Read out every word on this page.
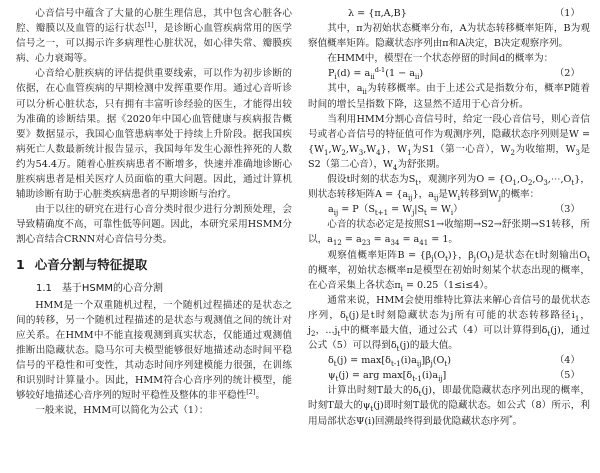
心音信号中蕴含了大量的心脏生理信息，其中包含心脏各心腔、瓣膜以及血管的运行状态[1]，是诊断心血管疾病常用的医学信号之一，可以揭示许多病理性心脏状况，如心律失常、瓣膜疾病、心力衰竭等。

心音给心脏疾病的评估提供重要线索，可以作为初步诊断的依据，在心血管疾病的早期检测中发挥重要作用。通过心音听诊可以分析心脏状态，只有拥有丰富听诊经验的医生，才能得出较为准确的诊断结果。据《2020年中国心血管健康与疾病报告概要》数据显示，我国心血管患病率处于持续上升阶段。据我国疾病死亡人数最新统计报告显示，我国每年发生心源性猝死的人数约为54.4万。随着心脏疾病患者不断增多，快速并准确地诊断心脏疾病患者是相关医疗人员面临的重大问题。因此，通过计算机辅助诊断有助于心脏类疾病患者的早期诊断与治疗。

由于以往的研究在进行心音分类时很少进行分割预处理，会导致精确度不高，可靠性低等问题。因此，本研究采用HSMM分割心音结合CRNN对心音信号分类。

1 心音分割与特征提取
1.1 基于HSMM的心音分割

HMM是一个双重随机过程，一个随机过程描述的是状态之间的转移，另一个随机过程描述的是状态与观测值之间的统计对应关系。在HMM中不能直接观测到真实状态，仅能通过观测值推断出隐藏状态。隐马尔可夫模型能够很好地描述动态时间平稳信号的平稳性和可变性，其动态时间序列建模能力很强，在训练和识别时计算量小。因此，HMM符合心音序列的统计模型，能够较好地描述心音序列的短时平稳性及整体的非平稳性[2]。

一般来说，HMM可以简化为公式（1）：

λ = {π,A,B}	（1）

其中，π为初始状态概率分布，A为状态转移概率矩阵，B为观察值概率矩阵。隐藏状态序列由π和A决定，B决定观察序列。

在HMM中，模型在一个状态停留的时间d的概率为：

$P_i(d) = a_{ii}^{d-1}(1 - a_{ii})$	（2）

其中，$a_{ii}$为转移概率。由于上述公式是指数分布，概率P随着时间的增长呈指数下降，这显然不适用于心音分析。

当利用HMM分割心音信号时，给定一段心音信号，则心音信号或者心音信号的特征值可作为观测序列，隐藏状态序列则是$W = \{W_1,W_2,W_3,W_4\}$，$W_1$为S1（第一心音），$W_2$为收缩期，$W_3$是S2（第二心音），$W_4$为舒张期。

假设t时刻的状态为$S_t$，观测序列为$O = \{O_1,O_2,O_3,\cdots,O_t\}$，则状态转移矩阵$A = \{a_{ij}\}$，$a_{ij}$是$W_i$转移到$W_j$的概率：

$a_{ij} = P(S_{t+1} = W_j|S_t = W_i)$	（3）

心音的状态必定是按照S1→收缩期→S2→舒张期→S1转移，所以，$a_{12} = a_{23} = a_{34} = a_{41} = 1$。

观察值概率矩阵$B = \{\beta_j(O_t)\}$，$\beta_j(O_t)$是状态在t时刻输出$O_t$的概率，初始状态概率π是模型在初始时刻某个状态出现的概率，在心音采集上各状态$\pi_i = 0.25(1\le i\le 4)$。

通常来说，HMM会使用维特比算法来解心音信号的最优状态序列，$\delta_t(j)$是t时刻隐藏状态为j所有可能的状态转移路径$i_1$，$j_2$，$...j_t$中的概率最大值，通过公式（4）可以计算得到$\delta_t(j)$，通过公式（5）可以得到$\delta_t(j)$的最大值。

$\delta_t(j) = \max[\delta_{t-1}(i)a_{ij}]\beta_j(O_t)$	（4）
$\psi_t(j)$ = arg $\max[\delta_{t-1}(i)a_{ij}]$	（5）

计算出时刻T最大的$\delta_t(j)$，即最优隐藏状态序列出现的概率，时刻T最大的$\psi_t(j)$即时刻T最优的隐藏状态。如公式（8）所示，利用局部状态Ψ(i)回溯最终得到最优隐藏状态序列*。
